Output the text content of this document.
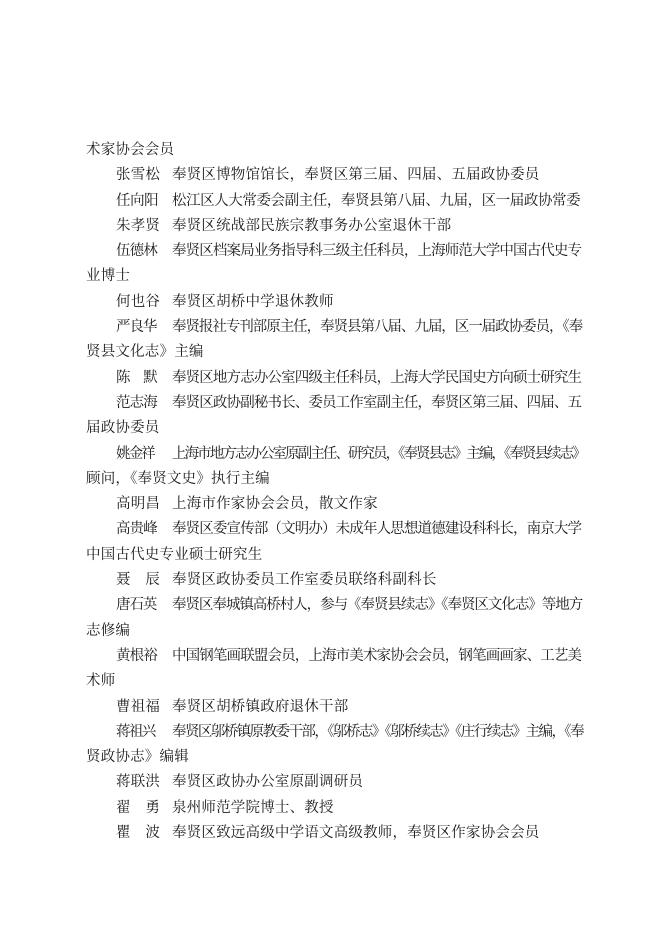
术家协会会员
张雪松 奉贤区博物馆馆长，奉贤区第三届、四届、五届政协委员
任向阳 松江区人大常委会副主任，奉贤县第八届、九届，区一届政协常委
朱孝贤 奉贤区统战部民族宗教事务办公室退休干部
伍德林 奉贤区档案局业务指导科三级主任科员，上海师范大学中国古代史专
业博士
何也谷 奉贤区胡桥中学退休教师
严良华 奉贤报社专刊部原主任，奉贤县第八届、九届，区一届政协委员，《奉
贤县文化志》主编
陈　默 奉贤区地方志办公室四级主任科员，上海大学民国史方向硕士研究生
范志海 奉贤区政协副秘书长、委员工作室副主任，奉贤区第三届、四届、五
届政协委员
姚金祥 上海市地方志办公室原副主任、研究员，《奉贤县志》主编，《奉贤县续志》
顾问，《奉贤文史》执行主编
高明昌 上海市作家协会会员，散文作家
高贵峰 奉贤区委宣传部（文明办）未成年人思想道德建设科科长，南京大学
中国古代史专业硕士研究生
聂　辰 奉贤区政协委员工作室委员联络科副科长
唐石英 奉贤区奉城镇高桥村人，参与《奉贤县续志》《奉贤区文化志》等地方
志修编
黄根裕 中国钢笔画联盟会员，上海市美术家协会会员，钢笔画画家、工艺美
术师
曹祖福 奉贤区胡桥镇政府退休干部
蒋祖兴 奉贤区邬桥镇原教委干部，《邬桥志》《邬桥续志》《庄行续志》主编，《奉
贤政协志》编辑
蒋联洪 奉贤区政协办公室原副调研员
翟　勇 泉州师范学院博士、教授
瞿　波 奉贤区致远高级中学语文高级教师，奉贤区作家协会会员
